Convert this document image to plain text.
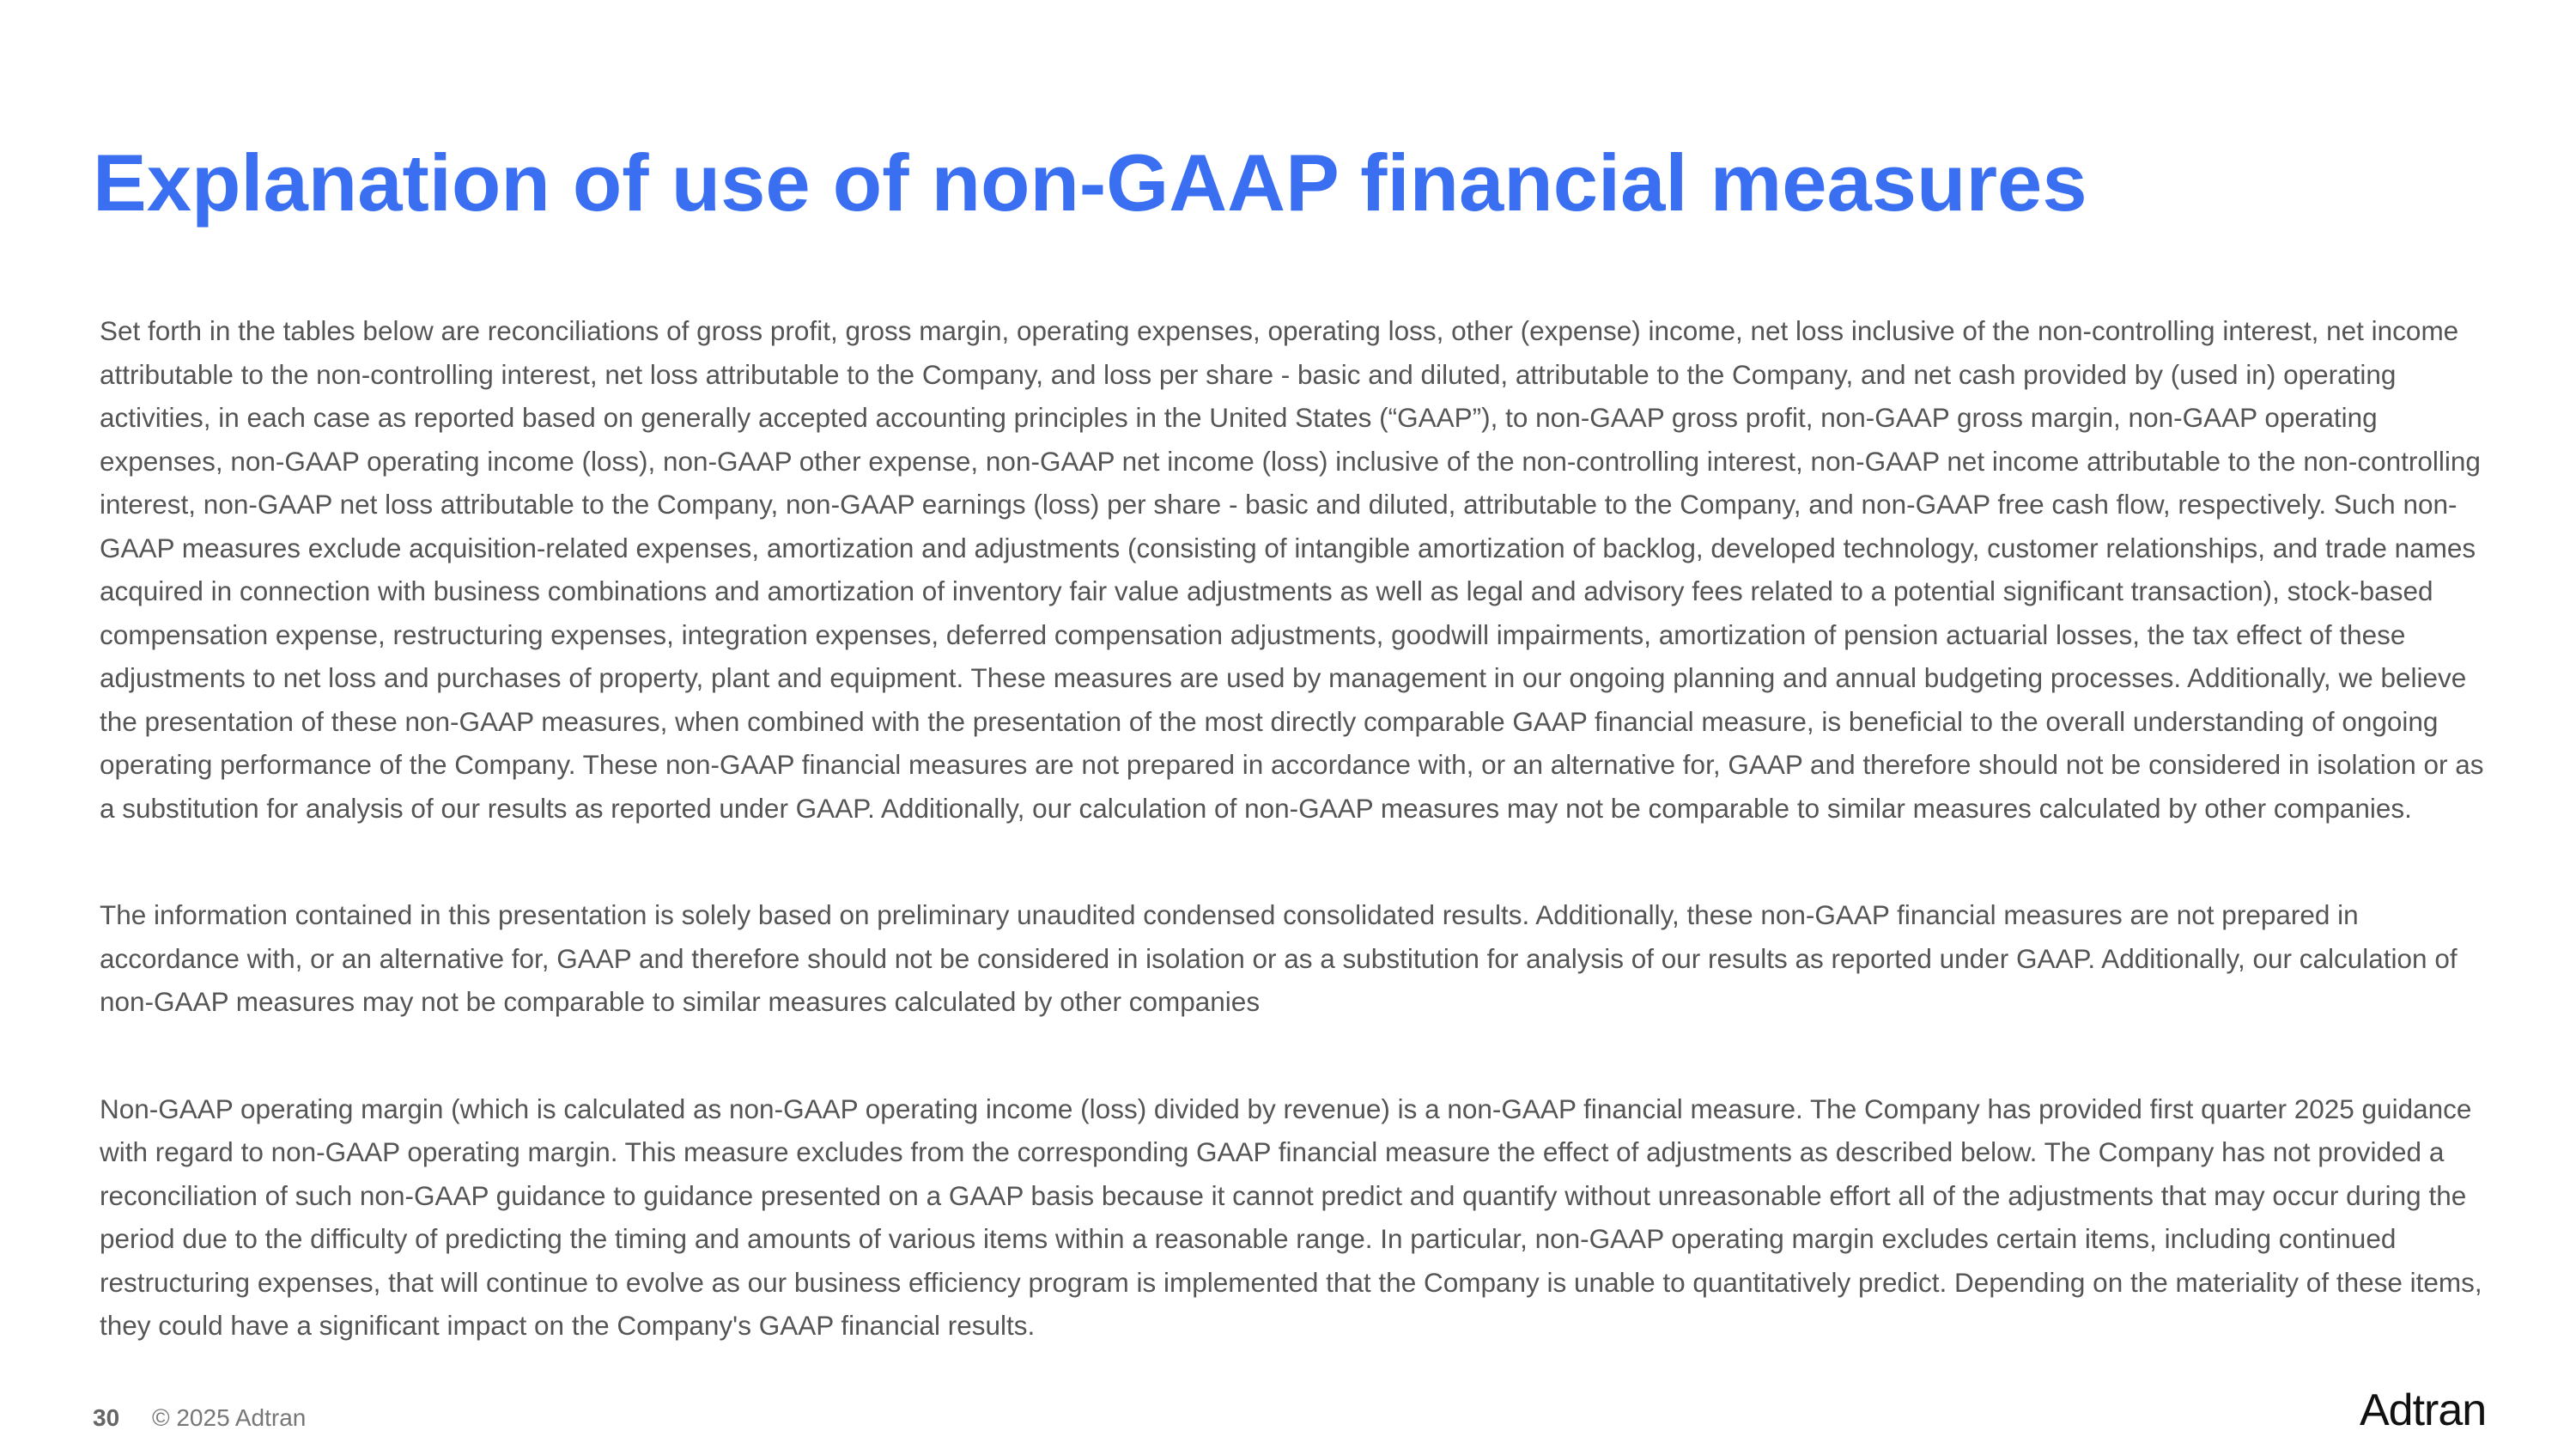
Explanation of use of non-GAAP financial measures

Set forth in the tables below are reconciliations of gross profit, gross margin, operating expenses, operating loss, other (expense) income, net loss inclusive of the non-controlling interest, net income attributable to the non-controlling interest, net loss attributable to the Company, and loss per share - basic and diluted, attributable to the Company, and net cash provided by (used in) operating activities, in each case as reported based on generally accepted accounting principles in the United States (“GAAP”), to non-GAAP gross profit, non-GAAP gross margin, non-GAAP operating expenses, non-GAAP operating income (loss), non-GAAP other expense, non-GAAP net income (loss) inclusive of the non-controlling interest, non-GAAP net income attributable to the non-controlling interest, non-GAAP net loss attributable to the Company, non-GAAP earnings (loss) per share - basic and diluted, attributable to the Company, and non-GAAP free cash flow, respectively. Such non-GAAP measures exclude acquisition-related expenses, amortization and adjustments (consisting of intangible amortization of backlog, developed technology, customer relationships, and trade names acquired in connection with business combinations and amortization of inventory fair value adjustments as well as legal and advisory fees related to a potential significant transaction), stock-based compensation expense, restructuring expenses, integration expenses, deferred compensation adjustments, goodwill impairments, amortization of pension actuarial losses, the tax effect of these adjustments to net loss and purchases of property, plant and equipment. These measures are used by management in our ongoing planning and annual budgeting processes. Additionally, we believe the presentation of these non-GAAP measures, when combined with the presentation of the most directly comparable GAAP financial measure, is beneficial to the overall understanding of ongoing operating performance of the Company. These non-GAAP financial measures are not prepared in accordance with, or an alternative for, GAAP and therefore should not be considered in isolation or as a substitution for analysis of our results as reported under GAAP. Additionally, our calculation of non-GAAP measures may not be comparable to similar measures calculated by other companies.

The information contained in this presentation is solely based on preliminary unaudited condensed consolidated results. Additionally, these non-GAAP financial measures are not prepared in accordance with, or an alternative for, GAAP and therefore should not be considered in isolation or as a substitution for analysis of our results as reported under GAAP. Additionally, our calculation of non-GAAP measures may not be comparable to similar measures calculated by other companies

Non-GAAP operating margin (which is calculated as non-GAAP operating income (loss) divided by revenue) is a non-GAAP financial measure. The Company has provided first quarter 2025 guidance with regard to non-GAAP operating margin. This measure excludes from the corresponding GAAP financial measure the effect of adjustments as described below. The Company has not provided a reconciliation of such non-GAAP guidance to guidance presented on a GAAP basis because it cannot predict and quantify without unreasonable effort all of the adjustments that may occur during the period due to the difficulty of predicting the timing and amounts of various items within a reasonable range. In particular, non-GAAP operating margin excludes certain items, including continued restructuring expenses, that will continue to evolve as our business efficiency program is implemented that the Company is unable to quantitatively predict. Depending on the materiality of these items, they could have a significant impact on the Company's GAAP financial results.

30 © 2025 Adtran	Adtran
